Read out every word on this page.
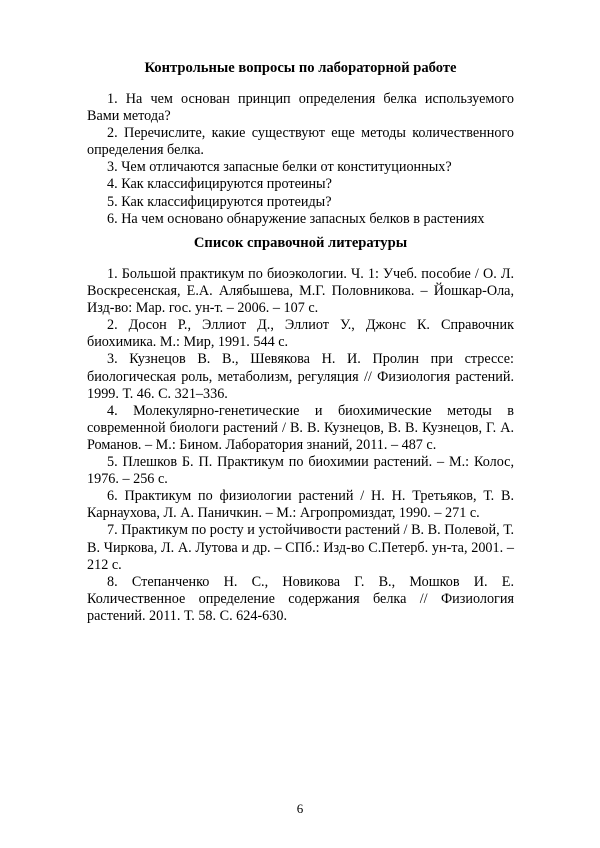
Контрольные вопросы по лабораторной работе
1. На чем основан принцип определения белка используемого Вами метода?
2. Перечислите, какие существуют еще методы количественного определения белка.
3. Чем отличаются запасные белки от конституционных?
4. Как классифицируются протеины?
5. Как классифицируются протеиды?
6. На чем основано обнаружение запасных белков в растениях
Список справочной литературы
1. Большой практикум по биоэкологии. Ч. 1: Учеб. пособие / О. Л. Воскресенская, Е.А. Алябышева, М.Г. Половникова. – Йошкар-Ола, Изд-во: Мар. гос. ун-т. – 2006. – 107 с.
2. Досон Р., Эллиот Д., Эллиот У., Джонс К. Справочник биохимика. М.: Мир, 1991. 544 с.
3. Кузнецов В. В., Шевякова Н. И. Пролин при стрессе: биологическая роль, метаболизм, регуляция // Физиология растений. 1999. Т. 46. С. 321–336.
4. Молекулярно-генетические и биохимические методы в современной биологи растений / В. В. Кузнецов, В. В. Кузнецов, Г. А. Романов. – М.: Бином. Лаборатория знаний, 2011. – 487 с.
5. Плешков Б. П. Практикум по биохимии растений. – М.: Колос, 1976. – 256 с.
6. Практикум по физиологии растений / Н. Н. Третьяков, Т. В. Карнаухова, Л. А. Паничкин. – М.: Агропромиздат, 1990. – 271 с.
7. Практикум по росту и устойчивости растений / В. В. Полевой, Т. В. Чиркова, Л. А. Лутова и др. – СПб.: Изд-во С.Петерб. ун-та, 2001. – 212 с.
8. Степанченко Н. С., Новикова Г. В., Мошков И. Е. Количественное определение содержания белка // Физиология растений. 2011. Т. 58. С. 624-630.
6
